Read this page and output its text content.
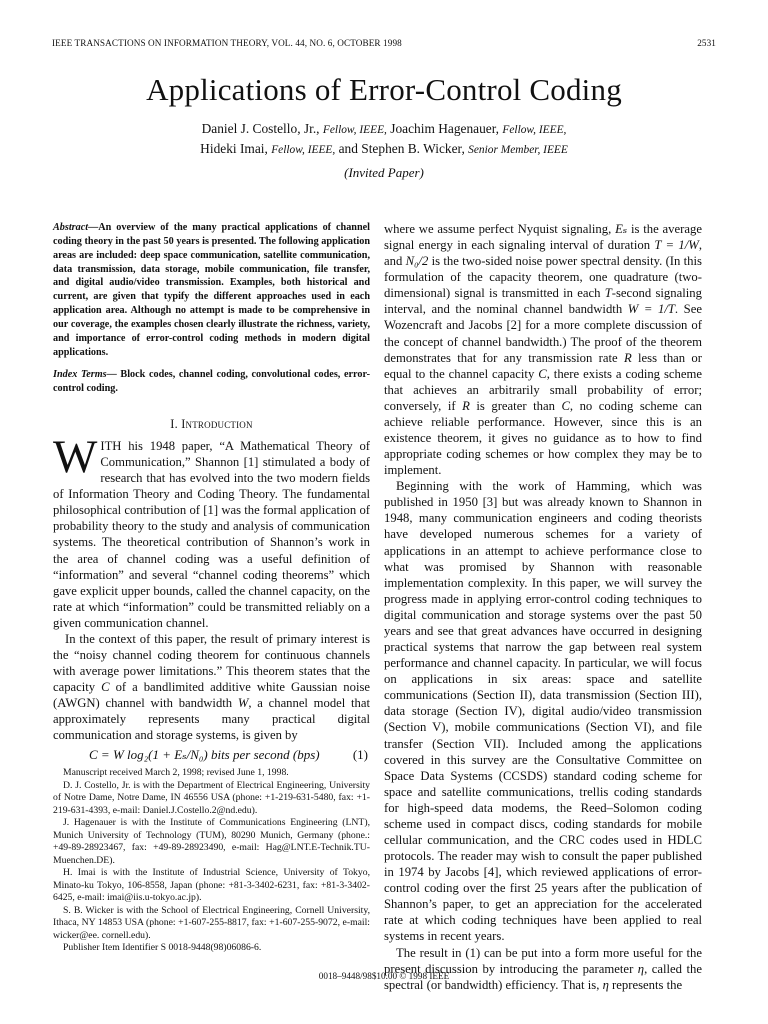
IEEE TRANSACTIONS ON INFORMATION THEORY, VOL. 44, NO. 6, OCTOBER 1998	2531
Applications of Error-Control Coding
Daniel J. Costello, Jr., Fellow, IEEE, Joachim Hagenauer, Fellow, IEEE,
Hideki Imai, Fellow, IEEE, and Stephen B. Wicker, Senior Member, IEEE
(Invited Paper)

Abstract—An overview of the many practical applications of channel coding theory in the past 50 years is presented. The following application areas are included: deep space communication, satellite communication, data transmission, data storage, mobile communication, file transfer, and digital audio/video transmission. Examples, both historical and current, are given that typify the different approaches used in each application area. Although no attempt is made to be comprehensive in our coverage, the examples chosen clearly illustrate the richness, variety, and importance of error-control coding methods in modern digital applications.

Index Terms— Block codes, channel coding, convolutional codes, error-control coding.

I. Introduction

WITH his 1948 paper, “A Mathematical Theory of Communication,” Shannon [1] stimulated a body of research that has evolved into the two modern fields of Information Theory and Coding Theory. The fundamental philosophical contribution of [1] was the formal application of probability theory to the study and analysis of communication systems. The theoretical contribution of Shannon’s work in the area of channel coding was a useful definition of “information” and several “channel coding theorems” which gave explicit upper bounds, called the channel capacity, on the rate at which “information” could be transmitted reliably on a given communication channel.

In the context of this paper, the result of primary interest is the “noisy channel coding theorem for continuous channels with average power limitations.” This theorem states that the capacity C of a bandlimited additive white Gaussian noise (AWGN) channel with bandwidth W, a channel model that approximately represents many practical digital communication and storage systems, is given by

C = W log₂(1 + Eₛ/N₀) bits per second (bps)	(1)

Manuscript received March 2, 1998; revised June 1, 1998.

D. J. Costello, Jr. is with the Department of Electrical Engineering, University of Notre Dame, Notre Dame, IN 46556 USA (phone: +1-219-631-5480, fax: +1-219-631-4393, e-mail: Daniel.J.Costello.2@nd.edu).

J. Hagenauer is with the Institute of Communications Engineering (LNT), Munich University of Technology (TUM), 80290 Munich, Germany (phone.: +49-89-28923467, fax: +49-89-28923490, e-mail: Hag@LNT.E-Technik.TU-Muenchen.DE).

H. Imai is with the Institute of Industrial Science, University of Tokyo, Minato-ku Tokyo, 106-8558, Japan (phone: +81-3-3402-6231, fax: +81-3-3402-6425, e-mail: imai@iis.u-tokyo.ac.jp).

S. B. Wicker is with the School of Electrical Engineering, Cornell University, Ithaca, NY 14853 USA (phone: +1-607-255-8817, fax: +1-607-255-9072, e-mail: wicker@ee. cornell.edu).

Publisher Item Identifier S 0018-9448(98)06086-6.

where we assume perfect Nyquist signaling, Eₛ is the average signal energy in each signaling interval of duration T = 1/W, and N₀/2 is the two-sided noise power spectral density. (In this formulation of the capacity theorem, one quadrature (two-dimensional) signal is transmitted in each T-second signaling interval, and the nominal channel bandwidth W = 1/T. See Wozencraft and Jacobs [2] for a more complete discussion of the concept of channel bandwidth.) The proof of the theorem demonstrates that for any transmission rate R less than or equal to the channel capacity C, there exists a coding scheme that achieves an arbitrarily small probability of error; conversely, if R is greater than C, no coding scheme can achieve reliable performance. However, since this is an existence theorem, it gives no guidance as to how to find appropriate coding schemes or how complex they may be to implement.

Beginning with the work of Hamming, which was published in 1950 [3] but was already known to Shannon in 1948, many communication engineers and coding theorists have developed numerous schemes for a variety of applications in an attempt to achieve performance close to what was promised by Shannon with reasonable implementation complexity. In this paper, we will survey the progress made in applying error-control coding techniques to digital communication and storage systems over the past 50 years and see that great advances have occurred in designing practical systems that narrow the gap between real system performance and channel capacity. In particular, we will focus on applications in six areas: space and satellite communications (Section II), data transmission (Section III), data storage (Section IV), digital audio/video transmission (Section V), mobile communications (Section VI), and file transfer (Section VII). Included among the applications covered in this survey are the Consultative Committee on Space Data Systems (CCSDS) standard coding scheme for space and satellite communications, trellis coding standards for high-speed data modems, the Reed–Solomon coding scheme used in compact discs, coding standards for mobile cellular communication, and the CRC codes used in HDLC protocols. The reader may wish to consult the paper published in 1974 by Jacobs [4], which reviewed applications of error-control coding over the first 25 years after the publication of Shannon’s paper, to get an appreciation for the accelerated rate at which coding techniques have been applied to real systems in recent years.

The result in (1) can be put into a form more useful for the present discussion by introducing the parameter η, called the spectral (or bandwidth) efficiency. That is, η represents the

0018–9448/98$10.00 © 1998 IEEE
